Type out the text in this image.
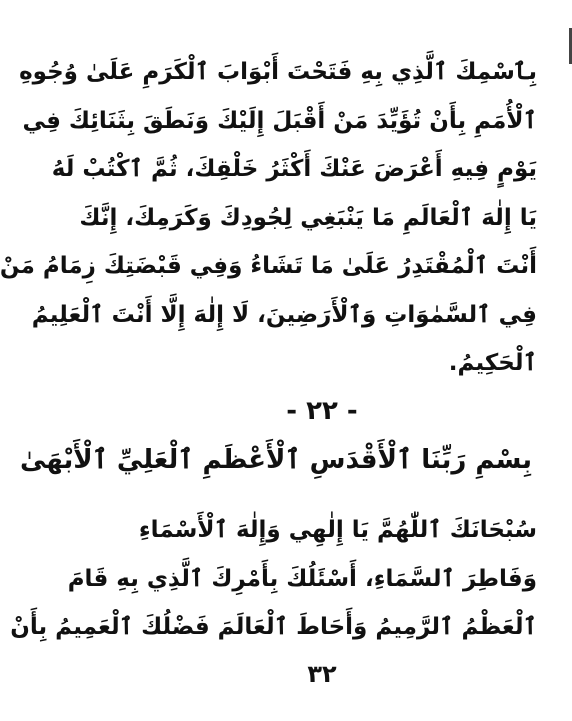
بِٱسْمِكَ ٱلَّذِي بِهِ فَتَحْتَ أَبْوَابَ ٱلْكَرَمِ عَلَىٰ وُجُوهِ
ٱلْأُمَمِ بِأَنْ تُؤَيِّدَ مَنْ أَقْبَلَ إِلَيْكَ وَنَطَقَ بِثَنَائِكَ فِي
يَوْمٍ فِيهِ أَعْرَضَ عَنْكَ أَكْثَرُ خَلْقِكَ، ثُمَّ ٱكْتُبْ لَهُ
يَا إِلٰهَ ٱلْعَالَمِ مَا يَنْبَغِي لِجُودِكَ وَكَرَمِكَ، إِنَّكَ
أَنْتَ ٱلْمُقْتَدِرُ عَلَىٰ مَا تَشَاءُ وَفِي قَبْضَتِكَ زِمَامُ مَنْ
فِي ٱلسَّمٰوَاتِ وَٱلْأَرَضِينَ، لَا إِلٰهَ إِلَّا أَنْتَ ٱلْعَلِيمُ
ٱلْحَكِيمُ.
- ٢٢ -
بِسْمِ رَبِّنَا ٱلْأَقْدَسِ ٱلْأَعْظَمِ ٱلْعَلِيِّ ٱلْأَبْهَىٰ
سُبْحَانَكَ ٱللّٰهُمَّ يَا إِلٰهِي وَإِلٰهَ ٱلْأَسْمَاءِ
وَفَاطِرَ ٱلسَّمَاءِ، أَسْئَلُكَ بِأَمْرِكَ ٱلَّذِي بِهِ قَامَ
ٱلْعَظْمُ ٱلرَّمِيمُ وَأَحَاطَ ٱلْعَالَمَ فَضْلُكَ ٱلْعَمِيمُ بِأَنْ
٣٢
